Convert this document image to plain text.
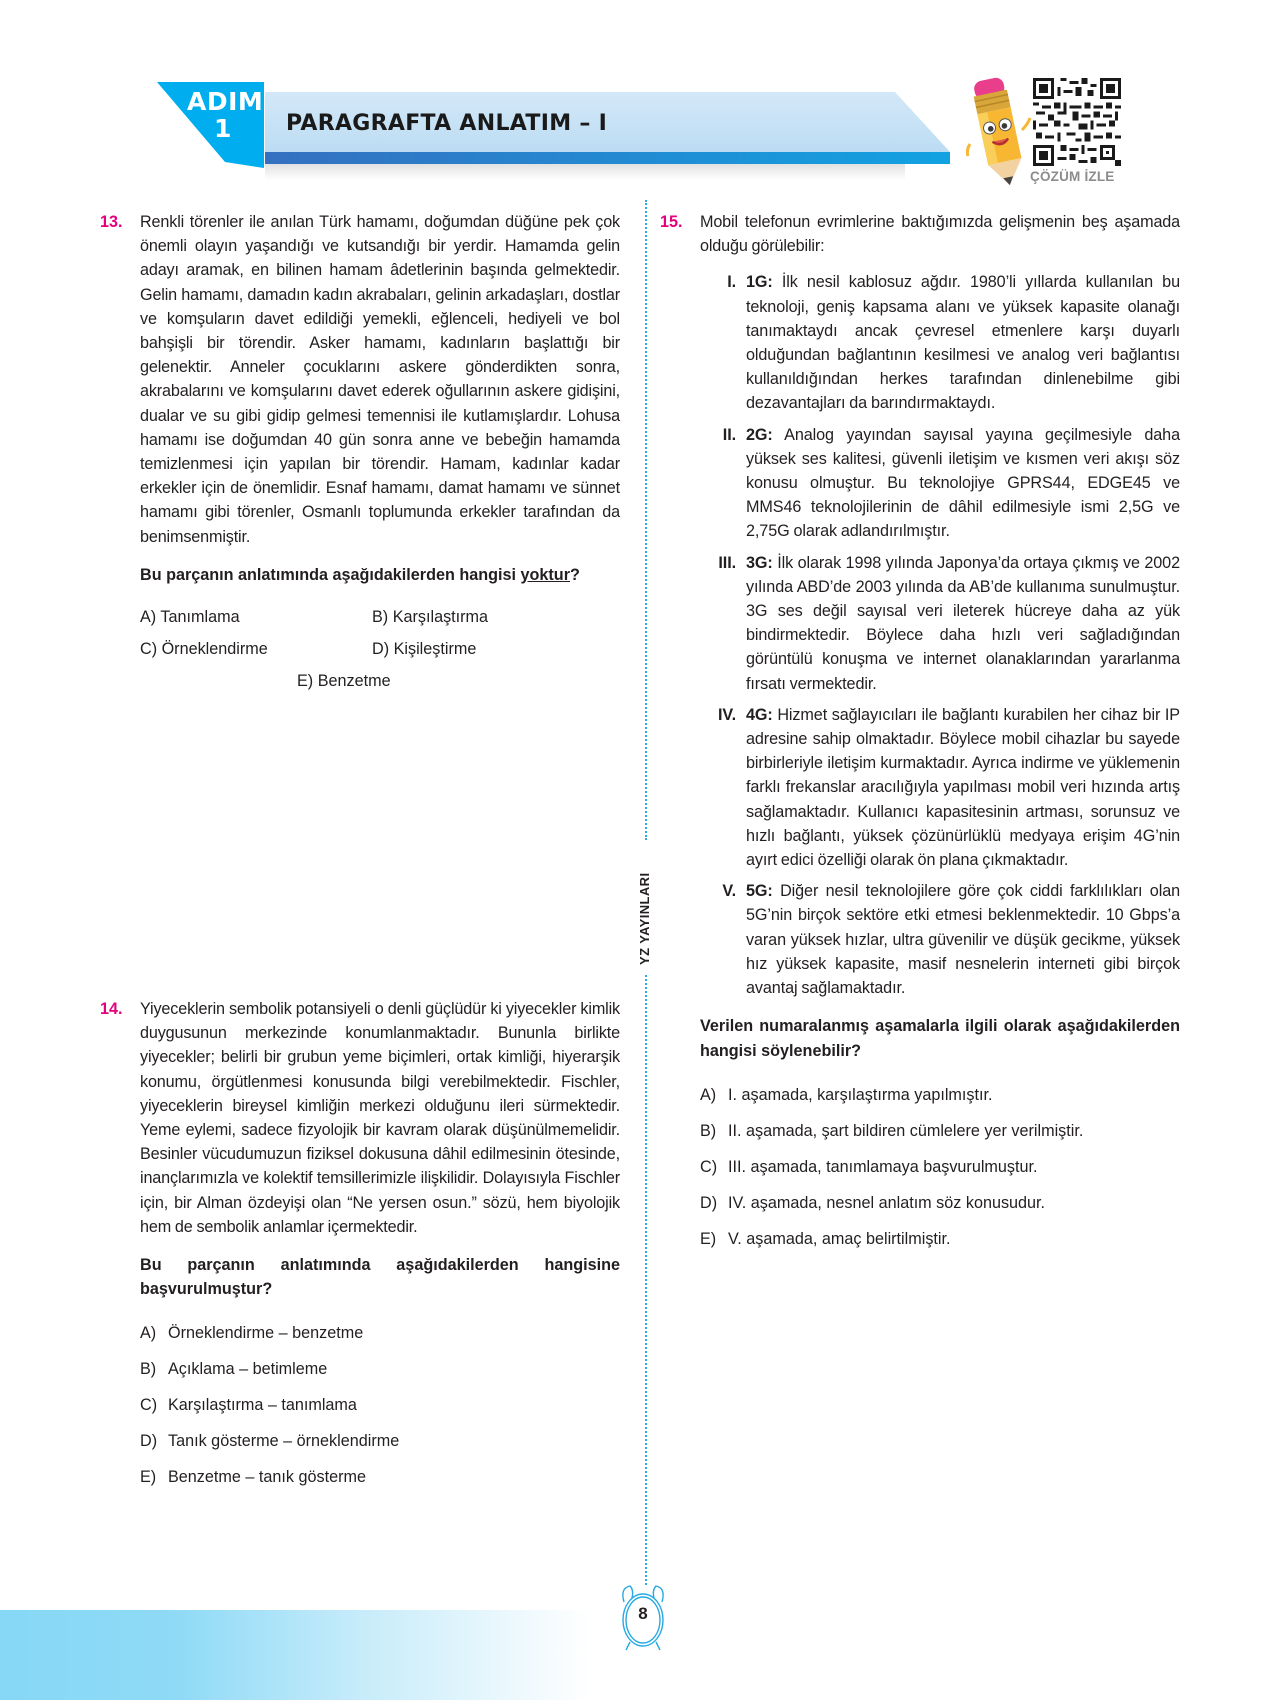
ADIM
1	PARAGRAFTA ANLATIM – I
ÇÖZÜM İZLE
13. Renkli törenler ile anılan Türk hamamı, doğumdan düğüne pek çok önemli olayın yaşandığı ve kutsandığı bir yerdir. Hamamda gelin adayı aramak, en bilinen hamam âdetlerinin başında gelmektedir. Gelin hamamı, damadın kadın akrabaları, gelinin arkadaşları, dostlar ve komşuların davet edildiği yemekli, eğlenceli, hediyeli ve bol bahşişli bir törendir. Asker hamamı, kadınların başlattığı bir gelenektir. Anneler çocuklarını askere gönderdikten sonra, akrabalarını ve komşularını davet ederek oğullarının askere gidişini, dualar ve su gibi gidip gelmesi temennisi ile kutlamışlardır. Lohusa hamamı ise doğumdan 40 gün sonra anne ve bebeğin hamamda temizlenmesi için yapılan bir törendir. Hamam, kadınlar kadar erkekler için de önemlidir. Esnaf hamamı, damat hamamı ve sünnet hamamı gibi törenler, Osmanlı toplumunda erkekler tarafından da benimsenmiştir.
Bu parçanın anlatımında aşağıdakilerden hangisi yoktur?
A) Tanımlama	B) Karşılaştırma
C) Örneklendirme	D) Kişileştirme
E) Benzetme
14. Yiyeceklerin sembolik potansiyeli o denli güçlüdür ki yiyecekler kimlik duygusunun merkezinde konumlanmaktadır. Bununla birlikte yiyecekler; belirli bir grubun yeme biçimleri, ortak kimliği, hiyerarşik konumu, örgütlenmesi konusunda bilgi verebilmektedir. Fischler, yiyeceklerin bireysel kimliğin merkezi olduğunu ileri sürmektedir. Yeme eylemi, sadece fizyolojik bir kavram olarak düşünülmemelidir. Besinler vücudumuzun fiziksel dokusuna dâhil edilmesinin ötesinde, inançlarımızla ve kolektif temsillerimizle ilişkilidir. Dolayısıyla Fischler için, bir Alman özdeyişi olan “Ne yersen osun.” sözü, hem biyolojik hem de sembolik anlamlar içermektedir.
Bu parçanın anlatımında aşağıdakilerden hangisine başvurulmuştur?
A) Örneklendirme – benzetme
B) Açıklama – betimleme
C) Karşılaştırma – tanımlama
D) Tanık gösterme – örneklendirme
E) Benzetme – tanık gösterme
YZ YAYINLARI
15. Mobil telefonun evrimlerine baktığımızda gelişmenin beş aşamada olduğu görülebilir:
I. 1G: İlk nesil kablosuz ağdır. 1980’li yıllarda kullanılan bu teknoloji, geniş kapsama alanı ve yüksek kapasite olanağı tanımaktaydı ancak çevresel etmenlere karşı duyarlı olduğundan bağlantının kesilmesi ve analog veri bağlantısı kullanıldığından herkes tarafından dinlenebilme gibi dezavantajları da barındırmaktaydı.
II. 2G: Analog yayından sayısal yayına geçilmesiyle daha yüksek ses kalitesi, güvenli iletişim ve kısmen veri akışı söz konusu olmuştur. Bu teknolojiye GPRS44, EDGE45 ve MMS46 teknolojilerinin de dâhil edilmesiyle ismi 2,5G ve 2,75G olarak adlandırılmıştır.
III. 3G: İlk olarak 1998 yılında Japonya’da ortaya çıkmış ve 2002 yılında ABD’de 2003 yılında da AB’de kullanıma sunulmuştur. 3G ses değil sayısal veri ileterek hücreye daha az yük bindirmektedir. Böylece daha hızlı veri sağladığından görüntülü konuşma ve internet olanaklarından yararlanma fırsatı vermektedir.
IV. 4G: Hizmet sağlayıcıları ile bağlantı kurabilen her cihaz bir IP adresine sahip olmaktadır. Böylece mobil cihazlar bu sayede birbirleriyle iletişim kurmaktadır. Ayrıca indirme ve yüklemenin farklı frekanslar aracılığıyla yapılması mobil veri hızında artış sağlamaktadır. Kullanıcı kapasitesinin artması, sorunsuz ve hızlı bağlantı, yüksek çözünürlüklü medyaya erişim 4G’nin ayırt edici özelliği olarak ön plana çıkmaktadır.
V. 5G: Diğer nesil teknolojilere göre çok ciddi farklılıkları olan 5G’nin birçok sektöre etki etmesi beklenmektedir. 10 Gbps’a varan yüksek hızlar, ultra güvenilir ve düşük gecikme, yüksek hız yüksek kapasite, masif nesnelerin interneti gibi birçok avantaj sağlamaktadır.
Verilen numaralanmış aşamalarla ilgili olarak aşağıdakilerden hangisi söylenebilir?
A) I. aşamada, karşılaştırma yapılmıştır.
B) II. aşamada, şart bildiren cümlelere yer verilmiştir.
C) III. aşamada, tanımlamaya başvurulmuştur.
D) IV. aşamada, nesnel anlatım söz konusudur.
E) V. aşamada, amaç belirtilmiştir.
8
